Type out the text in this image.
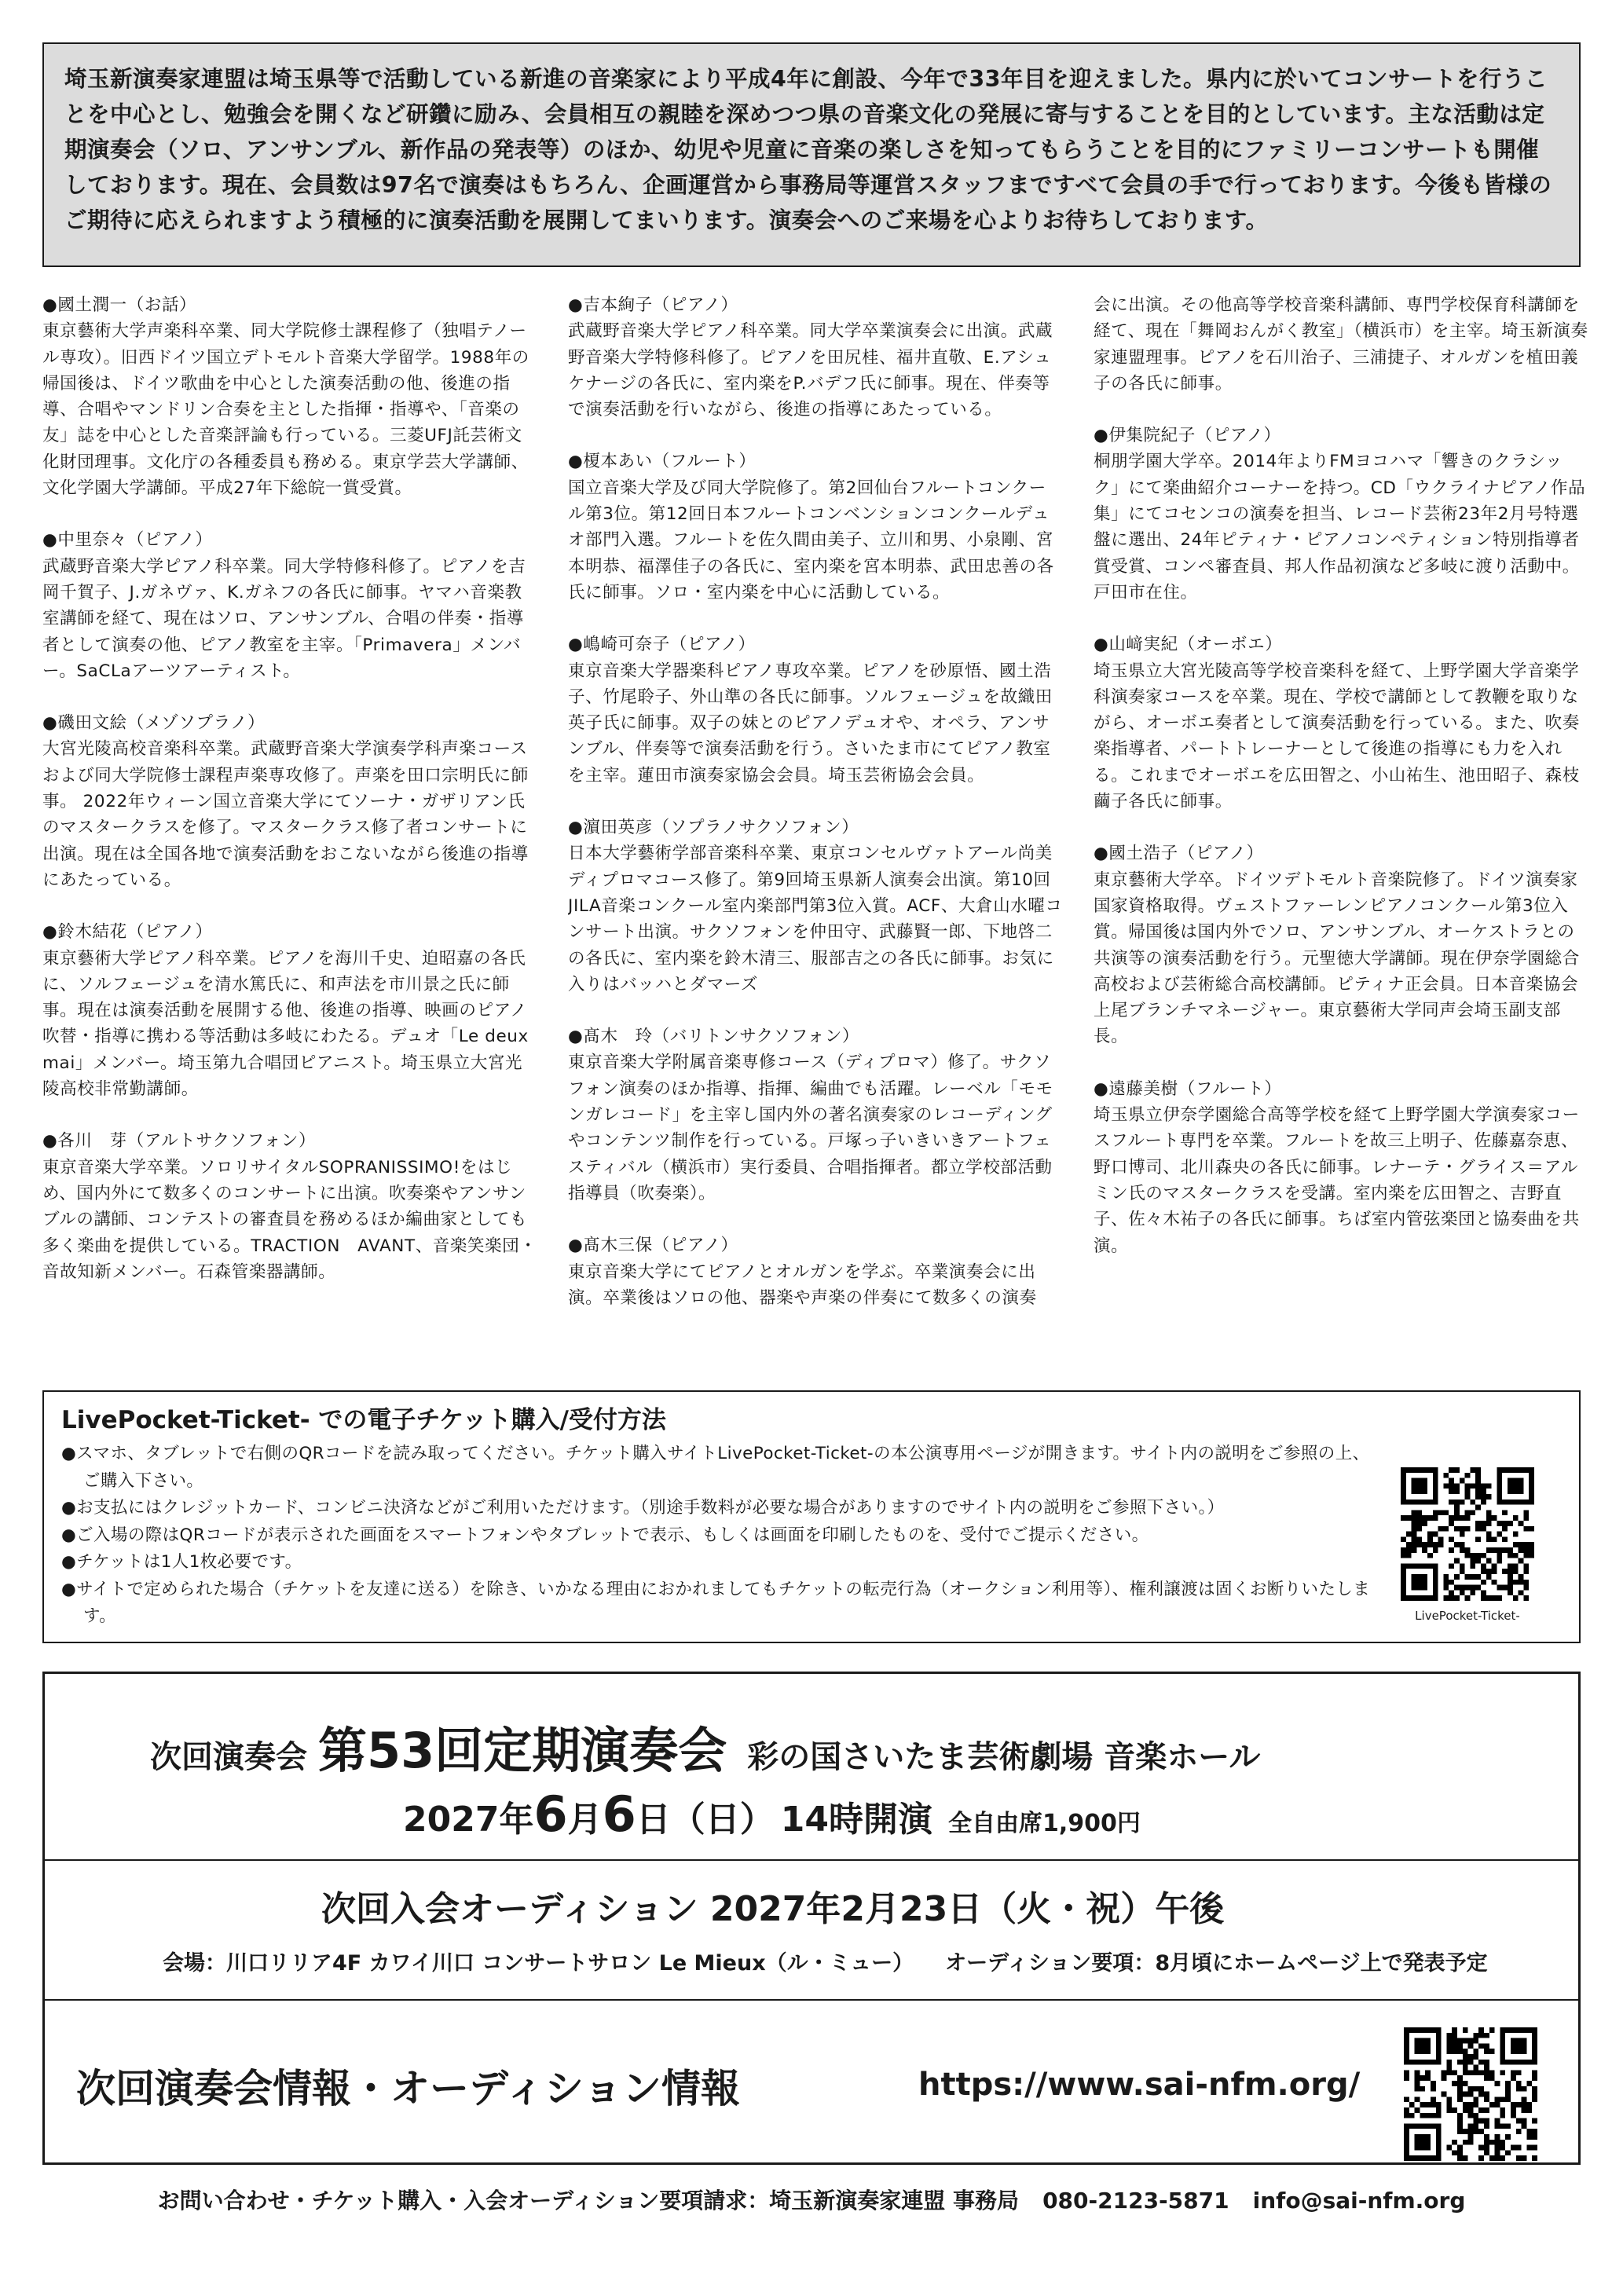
埼玉新演奏家連盟は埼玉県等で活動している新進の音楽家により平成4年に創設、今年で33年目を迎えました。県内に於いてコンサートを行うことを中心とし、勉強会を開くなど研鑽に励み、会員相互の親睦を深めつつ県の音楽文化の発展に寄与することを目的としています。主な活動は定期演奏会（ソロ、アンサンブル、新作品の発表等）のほか、幼児や児童に音楽の楽しさを知ってもらうことを目的にファミリーコンサートも開催しております。現在、会員数は97名で演奏はもちろん、企画運営から事務局等運営スタッフまですべて会員の手で行っております。今後も皆様のご期待に応えられますよう積極的に演奏活動を展開してまいります。演奏会へのご来場を心よりお待ちしております。
●國土潤一（お話）
東京藝術大学声楽科卒業、同大学院修士課程修了（独唱テノール専攻）。旧西ドイツ国立デトモルト音楽大学留学。1988年の帰国後は、ドイツ歌曲を中心とした演奏活動の他、後進の指導、合唱やマンドリン合奏を主とした指揮・指導や、「音楽の友」誌を中心とした音楽評論も行っている。三菱UFJ託芸術文化財団理事。文化庁の各種委員も務める。東京学芸大学講師、文化学園大学講師。平成27年下総皖一賞受賞。
●中里奈々（ピアノ）
武蔵野音楽大学ピアノ科卒業。同大学特修科修了。ピアノを吉岡千賀子、J.ガネヴァ、K.ガネフの各氏に師事。ヤマハ音楽教室講師を経て、現在はソロ、アンサンブル、合唱の伴奏・指導者として演奏の他、ピアノ教室を主宰。「Primavera」メンバー。SaCLaアーツアーティスト。
●磯田文絵（メゾソプラノ）
大宮光陵高校音楽科卒業。武蔵野音楽大学演奏学科声楽コースおよび同大学院修士課程声楽専攻修了。声楽を田口宗明氏に師事。 2022年ウィーン国立音楽大学にてソーナ・ガザリアン氏のマスタークラスを修了。マスタークラス修了者コンサートに出演。現在は全国各地で演奏活動をおこないながら後進の指導にあたっている。
●鈴木結花（ピアノ）
東京藝術大学ピアノ科卒業。ピアノを海川千史、迫昭嘉の各氏に、ソルフェージュを清水篤氏に、和声法を市川景之氏に師事。現在は演奏活動を展開する他、後進の指導、映画のピアノ吹替・指導に携わる等活動は多岐にわたる。デュオ「Le deux mai」メンバー。埼玉第九合唱団ピアニスト。埼玉県立大宮光陵高校非常勤講師。
●各川　芽（アルトサクソフォン）
東京音楽大学卒業。ソロリサイタルSOPRANISSIMO!をはじめ、国内外にて数多くのコンサートに出演。吹奏楽やアンサンブルの講師、コンテストの審査員を務めるほか編曲家としても多く楽曲を提供している。TRACTION　AVANT、音楽笑楽団・音故知新メンバー。石森管楽器講師。
●吉本絢子（ピアノ）
武蔵野音楽大学ピアノ科卒業。同大学卒業演奏会に出演。武蔵野音楽大学特修科修了。ピアノを田尻桂、福井直敬、E.アシュケナージの各氏に、室内楽をP.バデフ氏に師事。現在、伴奏等で演奏活動を行いながら、後進の指導にあたっている。
●榎本あい（フルート）
国立音楽大学及び同大学院修了。第2回仙台フルートコンクール第3位。第12回日本フルートコンベンションコンクールデュオ部門入選。フルートを佐久間由美子、立川和男、小泉剛、宮本明恭、福澤佳子の各氏に、室内楽を宮本明恭、武田忠善の各氏に師事。ソロ・室内楽を中心に活動している。
●嶋崎可奈子（ピアノ）
東京音楽大学器楽科ピアノ専攻卒業。ピアノを砂原悟、國土浩子、竹尾聆子、外山準の各氏に師事。ソルフェージュを故織田英子氏に師事。双子の妹とのピアノデュオや、オペラ、アンサンブル、伴奏等で演奏活動を行う。さいたま市にてピアノ教室を主宰。蓮田市演奏家協会会員。埼玉芸術協会会員。
●濵田英彦（ソプラノサクソフォン）
日本大学藝術学部音楽科卒業、東京コンセルヴァトアール尚美ディプロマコース修了。第9回埼玉県新人演奏会出演。第10回JILA音楽コンクール室内楽部門第3位入賞。ACF、大倉山水曜コンサート出演。サクソフォンを仲田守、武藤賢一郎、下地啓二の各氏に、室内楽を鈴木清三、服部吉之の各氏に師事。お気に入りはバッハとダマーズ
●髙木　玲（バリトンサクソフォン）
東京音楽大学附属音楽専修コース（ディプロマ）修了。サクソフォン演奏のほか指導、指揮、編曲でも活躍。レーベル「モモンガレコード」を主宰し国内外の著名演奏家のレコーディングやコンテンツ制作を行っている。戸塚っ子いきいきアートフェスティバル（横浜市）実行委員、合唱指揮者。都立学校部活動指導員（吹奏楽）。
●髙木三保（ピアノ）
東京音楽大学にてピアノとオルガンを学ぶ。卒業演奏会に出演。卒業後はソロの他、器楽や声楽の伴奏にて数多くの演奏
会に出演。その他高等学校音楽科講師、専門学校保育科講師を経て、現在「舞岡おんがく教室」（横浜市）を主宰。埼玉新演奏家連盟理事。ピアノを石川治子、三浦捷子、オルガンを植田義子の各氏に師事。
●伊集院紀子（ピアノ）
桐朋学園大学卒。2014年よりFMヨコハマ「響きのクラシック」にて楽曲紹介コーナーを持つ。CD「ウクライナピアノ作品集」にてコセンコの演奏を担当、レコード芸術23年2月号特選盤に選出、24年ピティナ・ピアノコンペティション特別指導者賞受賞、コンペ審査員、邦人作品初演など多岐に渡り活動中。戸田市在住。
●山﨑実紀（オーボエ）
埼玉県立大宮光陵高等学校音楽科を経て、上野学園大学音楽学科演奏家コースを卒業。現在、学校で講師として教鞭を取りながら、オーボエ奏者として演奏活動を行っている。また、吹奏楽指導者、パートトレーナーとして後進の指導にも力を入れる。これまでオーボエを広田智之、小山祐生、池田昭子、森枝繭子各氏に師事。
●國土浩子（ピアノ）
東京藝術大学卒。ドイツデトモルト音楽院修了。ドイツ演奏家国家資格取得。ヴェストファーレンピアノコンクール第3位入賞。帰国後は国内外でソロ、アンサンブル、オーケストラとの共演等の演奏活動を行う。元聖徳大学講師。現在伊奈学園総合高校および芸術総合高校講師。ピティナ正会員。日本音楽協会上尾ブランチマネージャー。東京藝術大学同声会埼玉副支部長。
●遠藤美樹（フルート）
埼玉県立伊奈学園総合高等学校を経て上野学園大学演奏家コースフルート専門を卒業。フルートを故三上明子、佐藤嘉奈恵、野口博司、北川森央の各氏に師事。レナーテ・グライス＝アルミン氏のマスタークラスを受講。室内楽を広田智之、吉野直子、佐々木祐子の各氏に師事。ちば室内管弦楽団と協奏曲を共演。
LivePocket-Ticket- での電子チケット購入/受付方法
●スマホ、タブレットで右側のQRコードを読み取ってください。チケット購入サイトLivePocket-Ticket-の本公演専用ページが開きます。サイト内の説明をご参照の上、ご購入下さい。
●お支払にはクレジットカード、コンビニ決済などがご利用いただけます。（別途手数料が必要な場合がありますのでサイト内の説明をご参照下さい。）
●ご入場の際はQRコードが表示された画面をスマートフォンやタブレットで表示、もしくは画面を印刷したものを、受付でご提示ください。
●チケットは1人1枚必要です。
●サイトで定められた場合（チケットを友達に送る）を除き、いかなる理由におかれましてもチケットの転売行為（オークション利用等）、権利譲渡は固くお断りいたします。	LivePocket-Ticket-
次回演奏会 第53回定期演奏会 彩の国さいたま芸術劇場 音楽ホール
2027年6月6日（日） 14時開演 全自由席1,900円
次回入会オーディション 2027年2月23日（火・祝）午後
会場：川口リリア4F カワイ川口 コンサートサロン Le Mieux（ル・ミュー） オーディション要項：8月頃にホームページ上で発表予定
次回演奏会情報・オーディション情報	https://www.sai-nfm.org/
お問い合わせ・チケット購入・入会オーディション要項請求：埼玉新演奏家連盟 事務局 080-2123-5871 info@sai-nfm.org
